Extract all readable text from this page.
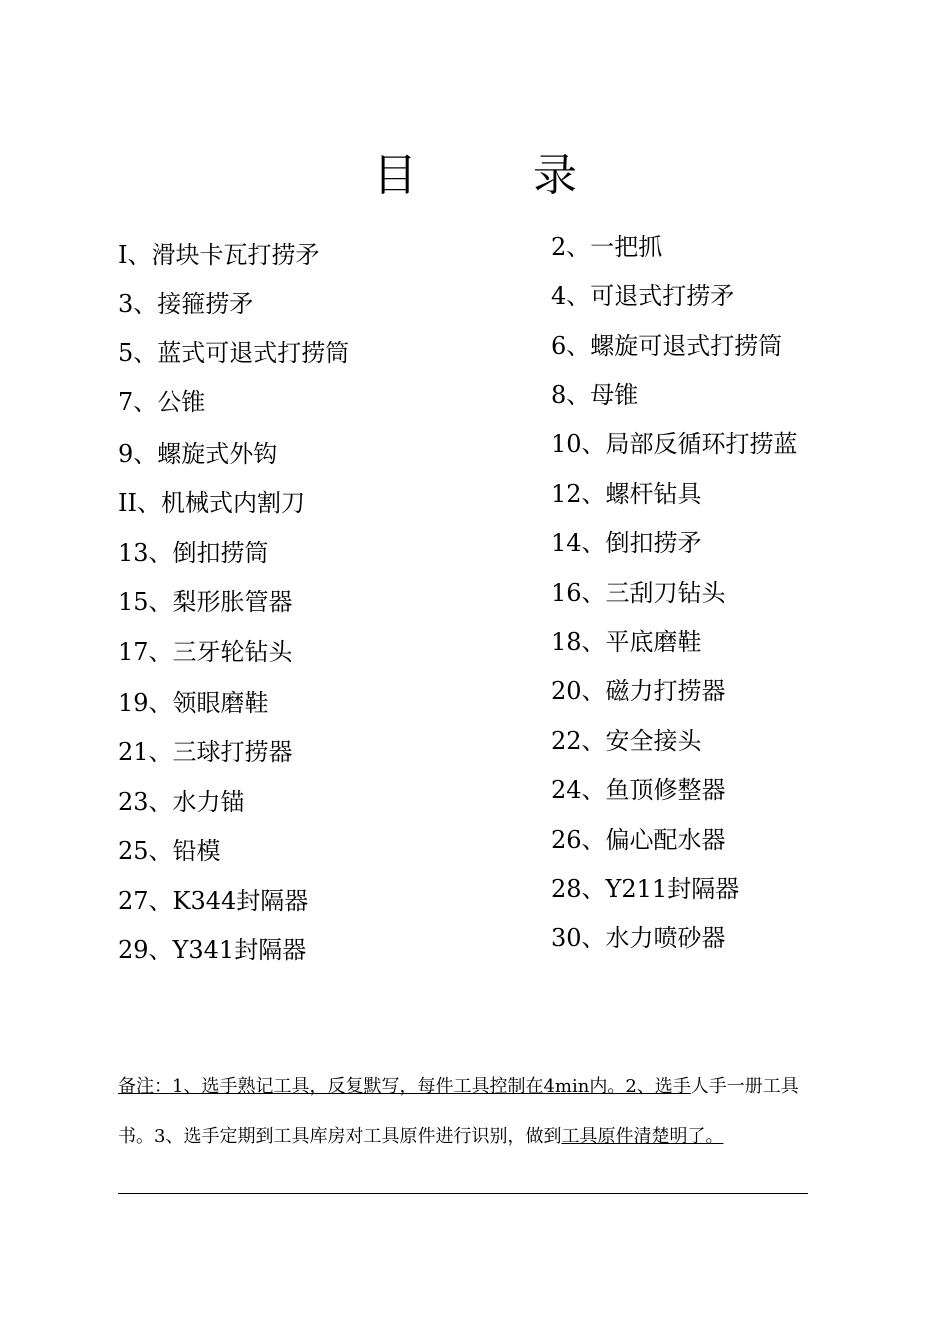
目　录
I、滑块卡瓦打捞矛
3、接箍捞矛
5、蓝式可退式打捞筒
7、公锥
9、螺旋式外钩
II、机械式内割刀
13、倒扣捞筒
15、梨形胀管器
17、三牙轮钻头
19、领眼磨鞋
21、三球打捞器
23、水力锚
25、铅模
27、K344封隔器
29、Y341封隔器
2、一把抓
4、可退式打捞矛
6、螺旋可退式打捞筒
8、母锥
10、局部反循环打捞蓝
12、螺杆钻具
14、倒扣捞矛
16、三刮刀钻头
18、平底磨鞋
20、磁力打捞器
22、安全接头
24、鱼顶修整器
26、偏心配水器
28、Y211封隔器
30、水力喷砂器
备注：1、选手熟记工具，反复默写，每件工具控制在4min内。2、选手人手一册工具书。3、选手定期到工具库房对工具原件进行识别，做到工具原件清楚明了。
